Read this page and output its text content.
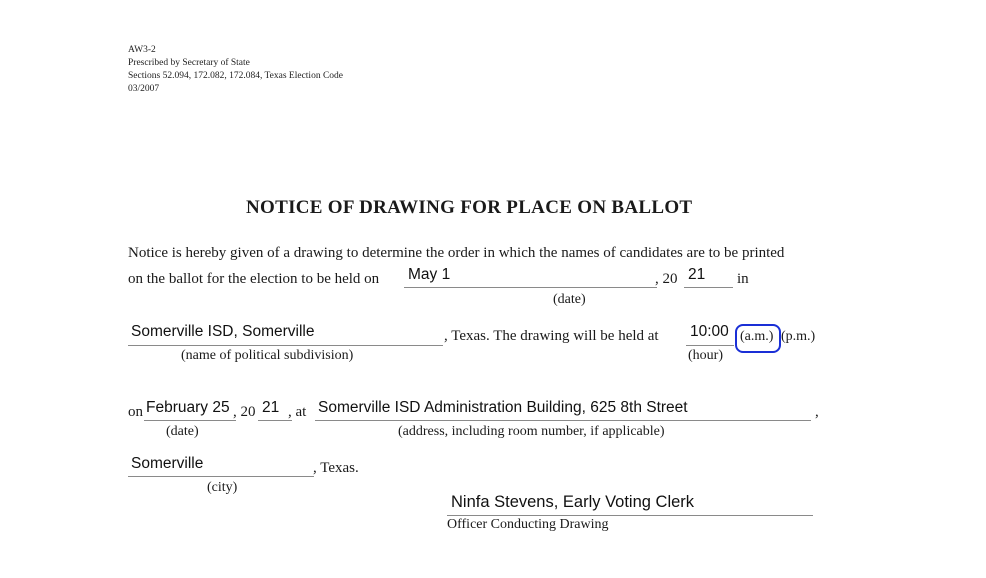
AW3-2
Prescribed by Secretary of State
Sections 52.094, 172.082, 172.084, Texas Election Code
03/2007
NOTICE OF DRAWING FOR PLACE ON BALLOT
Notice is hereby given of a drawing to determine the order in which the names of candidates are to be printed
on the ballot for the election to be held on May 1	, 20 21 in
(date)
Somerville ISD, Somerville	, Texas. The drawing will be held at 10:00 (a.m.) (p.m.)
(name of political subdivision)	(hour)
on February 25 , 20 21 , at Somerville ISD Administration Building, 625 8th Street	,
(date)	(address, including room number, if applicable)
Somerville	, Texas.
(city)
Ninfa Stevens, Early Voting Clerk
Officer Conducting Drawing
